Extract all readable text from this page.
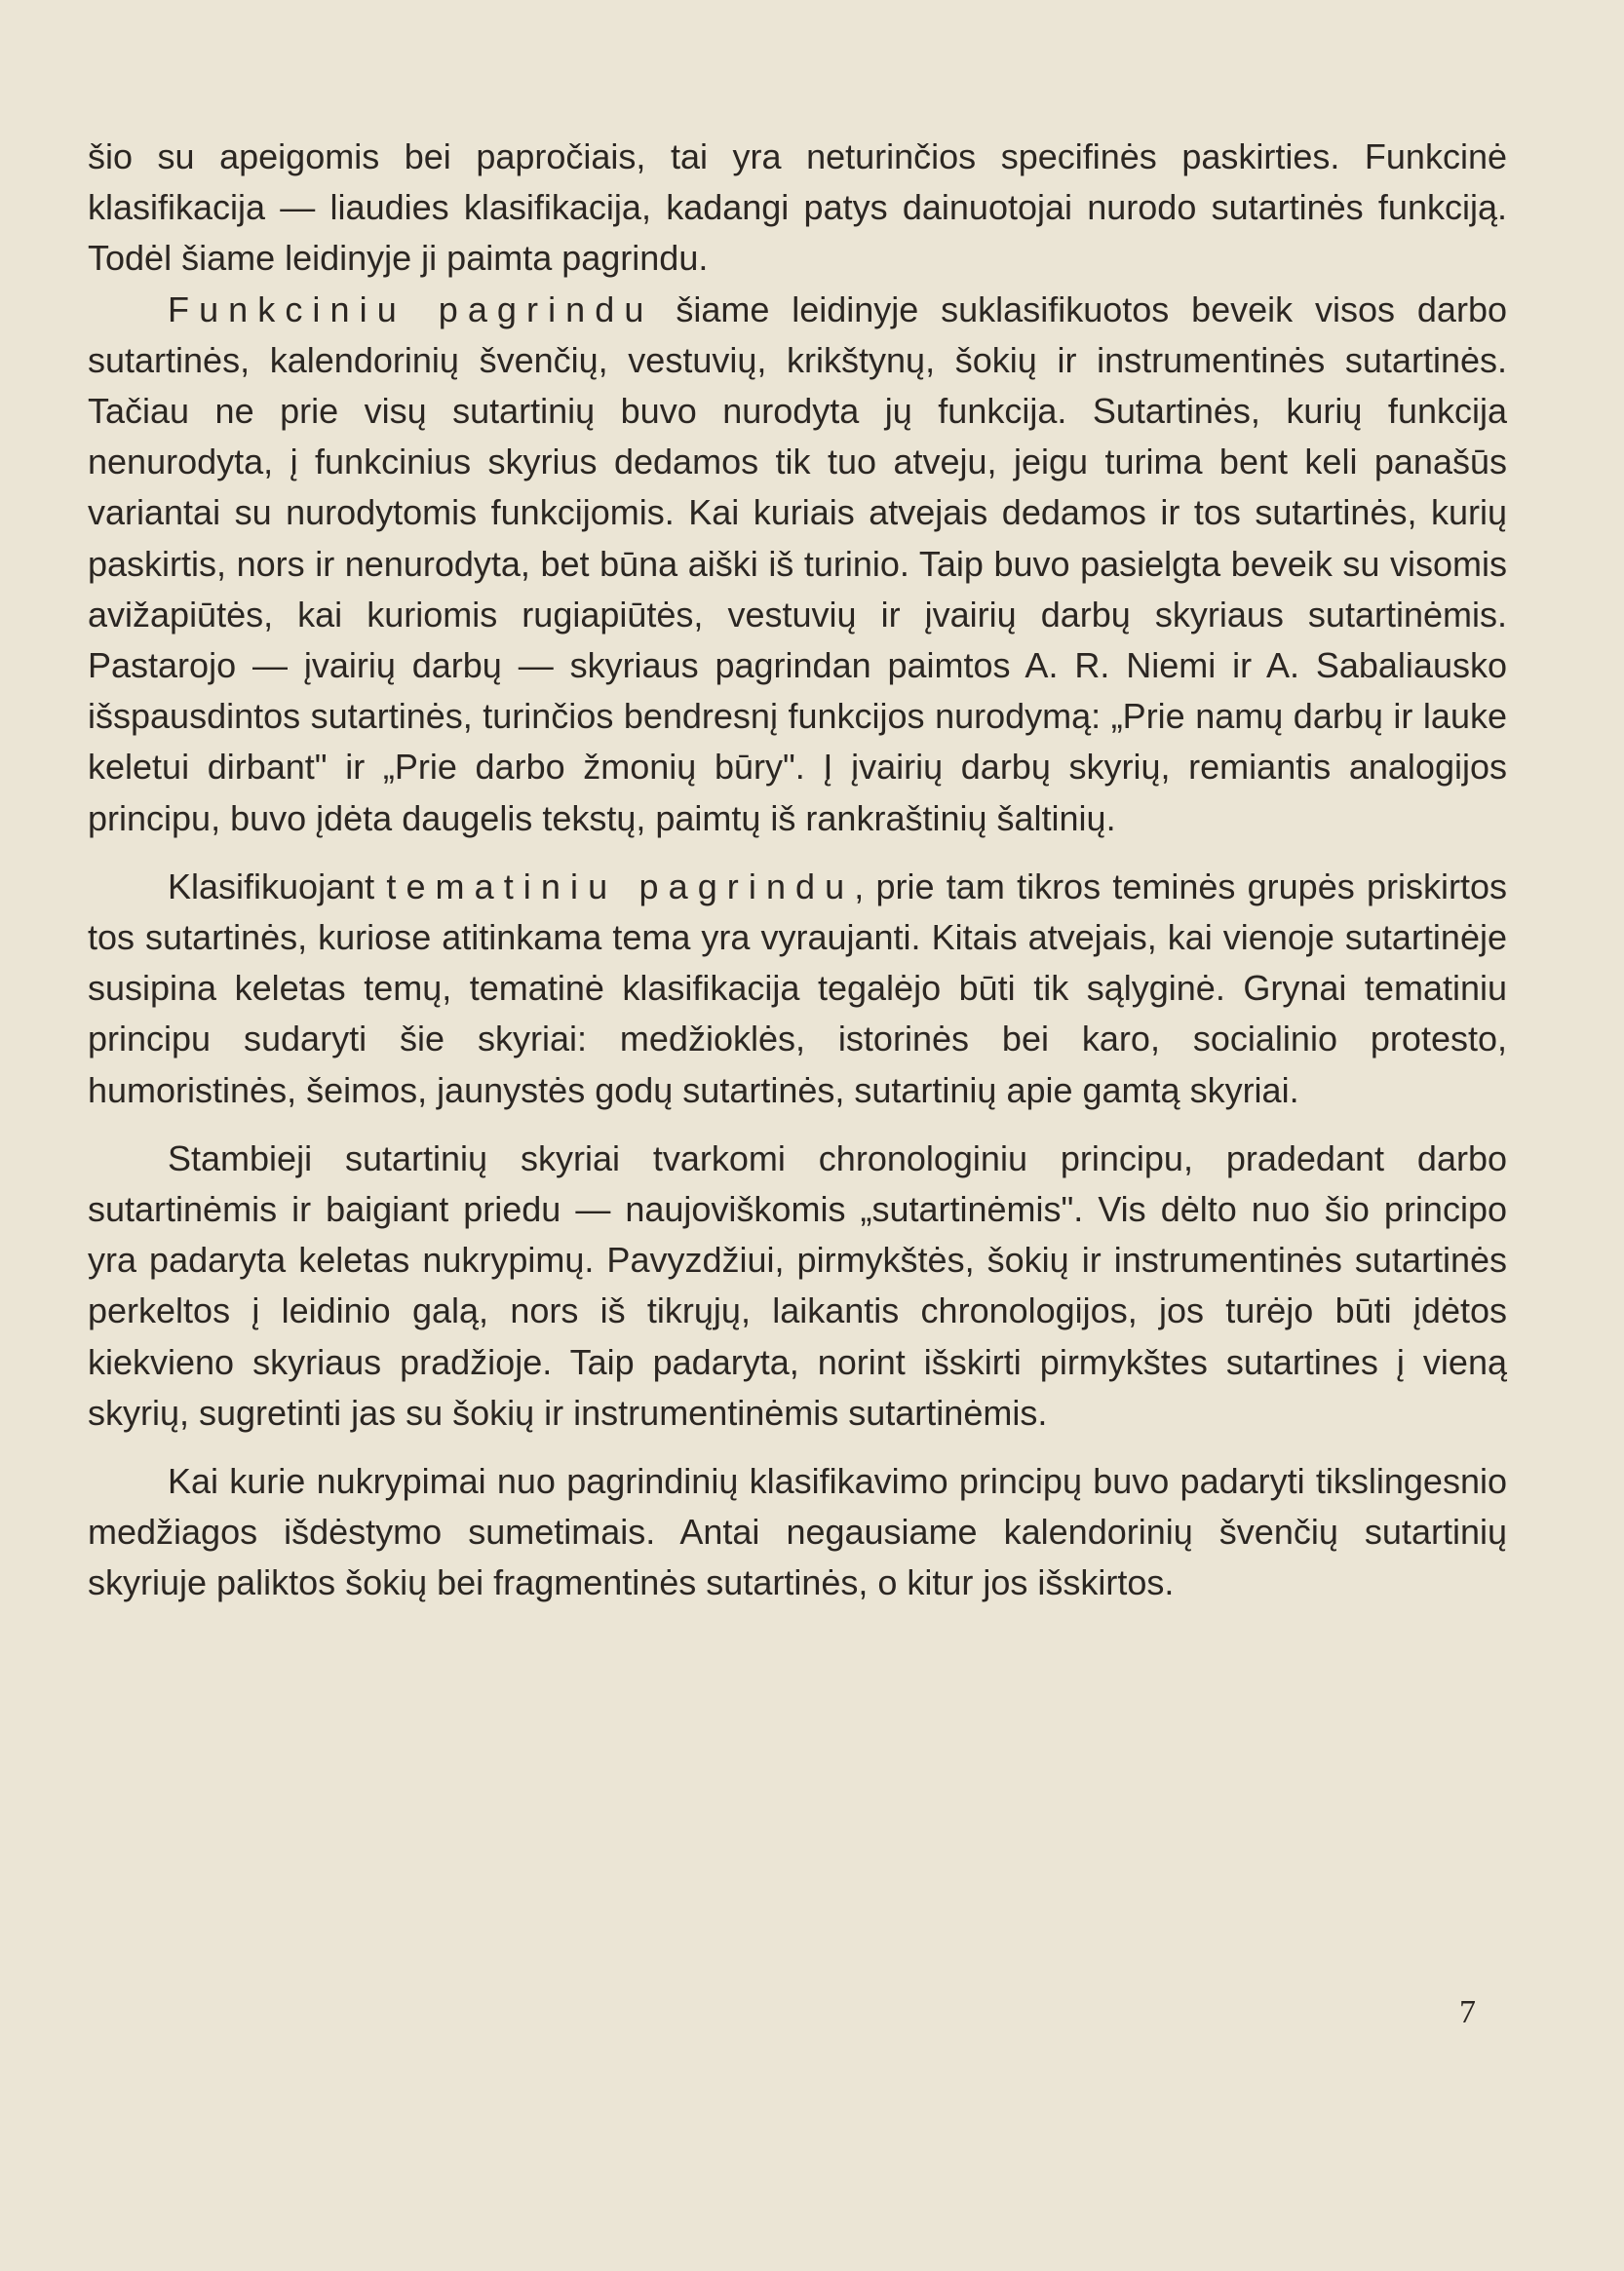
šio su apeigomis bei papročiais, tai yra neturinčios specifinės paskirties. Funkcinė klasifikacija — liaudies klasifikacija, kadangi patys dainuotojai nurodo sutartinės funkciją. Todėl šiame leidinyje ji paimta pagrindu.

Funkciniu pagrindu šiame leidinyje suklasifikuotos beveik visos darbo sutartinės, kalendorinių švenčių, vestuvių, krikštynų, šokių ir instrumentinės sutartinės. Tačiau ne prie visų sutartinių buvo nurodyta jų funkcija. Sutartinės, kurių funkcija nenurodyta, į funkcinius skyrius dedamos tik tuo atveju, jeigu turima bent keli panašūs variantai su nurodytomis funkcijomis. Kai kuriais atvejais dedamos ir tos sutartinės, kurių paskirtis, nors ir nenurodyta, bet būna aiški iš turinio. Taip buvo pasielgta beveik su visomis avižapiūtės, kai kuriomis rugiapiūtės, vestuvių ir įvairių darbų skyriaus sutartinėmis. Pastarojo — įvairių darbų — skyriaus pagrindan paimtos A. R. Niemi ir A. Sabaliausko išspausdintos sutartinės, turinčios bendresnį funkcijos nurodymą: „Prie namų darbų ir lauke keletui dirbant" ir „Prie darbo žmonių būry". Į įvairių darbų skyrių, remiantis analogijos principu, buvo įdėta daugelis tekstų, paimtų iš rankraštinių šaltinių.

Klasifikuojant tematiniu pagrindu, prie tam tikros teminės grupės priskirtos tos sutartinės, kuriose atitinkama tema yra vyraujanti. Kitais atvejais, kai vienoje sutartinėje susipina keletas temų, tematinė klasifikacija tegalėjo būti tik sąlyginė. Grynai tematiniu principu sudaryti šie skyriai: medžioklės, istorinės bei karo, socialinio protesto, humoristinės, šeimos, jaunystės godų sutartinės, sutartinių apie gamtą skyriai.

Stambieji sutartinių skyriai tvarkomi chronologiniu principu, pradedant darbo sutartinėmis ir baigiant priedu — naujoviškomis „sutartinėmis". Vis dėlto nuo šio principo yra padaryta keletas nukrypimų. Pavyzdžiui, pirmykštės, šokių ir instrumentinės sutartinės perkeltos į leidinio galą, nors iš tikrųjų, laikantis chronologijos, jos turėjo būti įdėtos kiekvieno skyriaus pradžioje. Taip padaryta, norint išskirti pirmykštes sutartines į vieną skyrių, sugretinti jas su šokių ir instrumentinėmis sutartinėmis.

Kai kurie nukrypimai nuo pagrindinių klasifikavimo principų buvo padaryti tikslingesnio medžiagos išdėstymo sumetimais. Antai negausiame kalendorinių švenčių sutartinių skyriuje paliktos šokių bei fragmentinės sutartinės, o kitur jos išskirtos.

7
